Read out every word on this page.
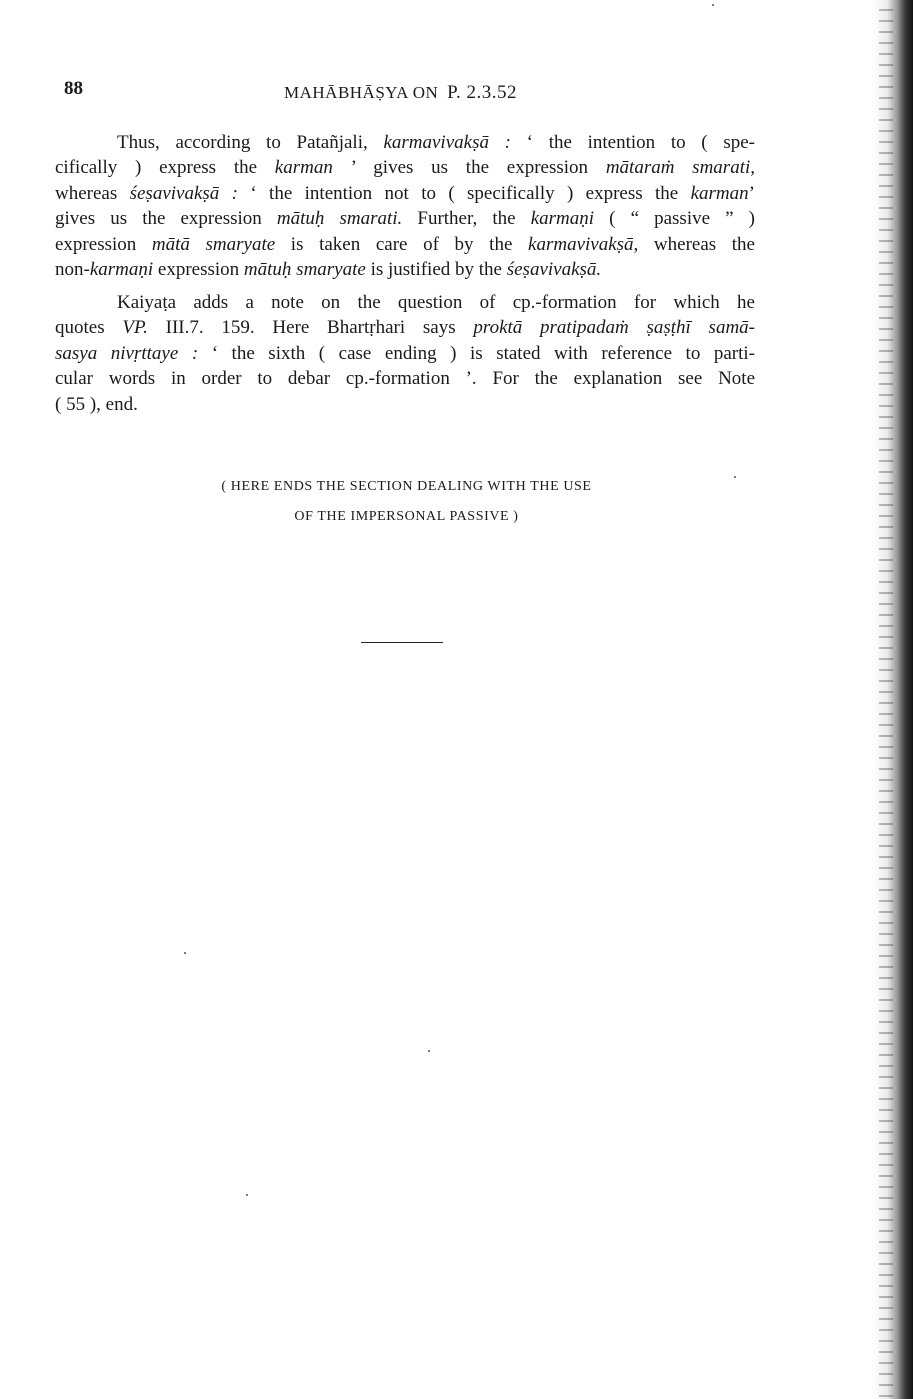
88	MAHĀBHĀṢYA ON P. 2.3.52
Thus, according to Patañjali, karmavivakṣā : ‘ the intention to ( spe-
cifically ) express the karman ’ gives us the expression mātaraṁ smarati,
whereas śeṣavivakṣā : ‘ the intention not to ( specifically ) express the karman’
gives us the expression mātuḥ smarati. Further, the karmaṇi ( “ passive ” )
expression mātā smaryate is taken care of by the karmavivakṣā, whereas the
non-karmaṇi expression mātuḥ smaryate is justified by the śeṣavivakṣā.
Kaiyaṭa adds a note on the question of cp.-formation for which he
quotes VP. III.7. 159. Here Bhartṛhari says proktā pratipadaṁ ṣaṣṭhī samā-
sasya nivṛttaye : ‘ the sixth ( case ending ) is stated with reference to parti-
cular words in order to debar cp.-formation ’. For the explanation see Note
( 55 ), end.
( HERE ENDS THE SECTION DEALING WITH THE USE
OF THE IMPERSONAL PASSIVE )
